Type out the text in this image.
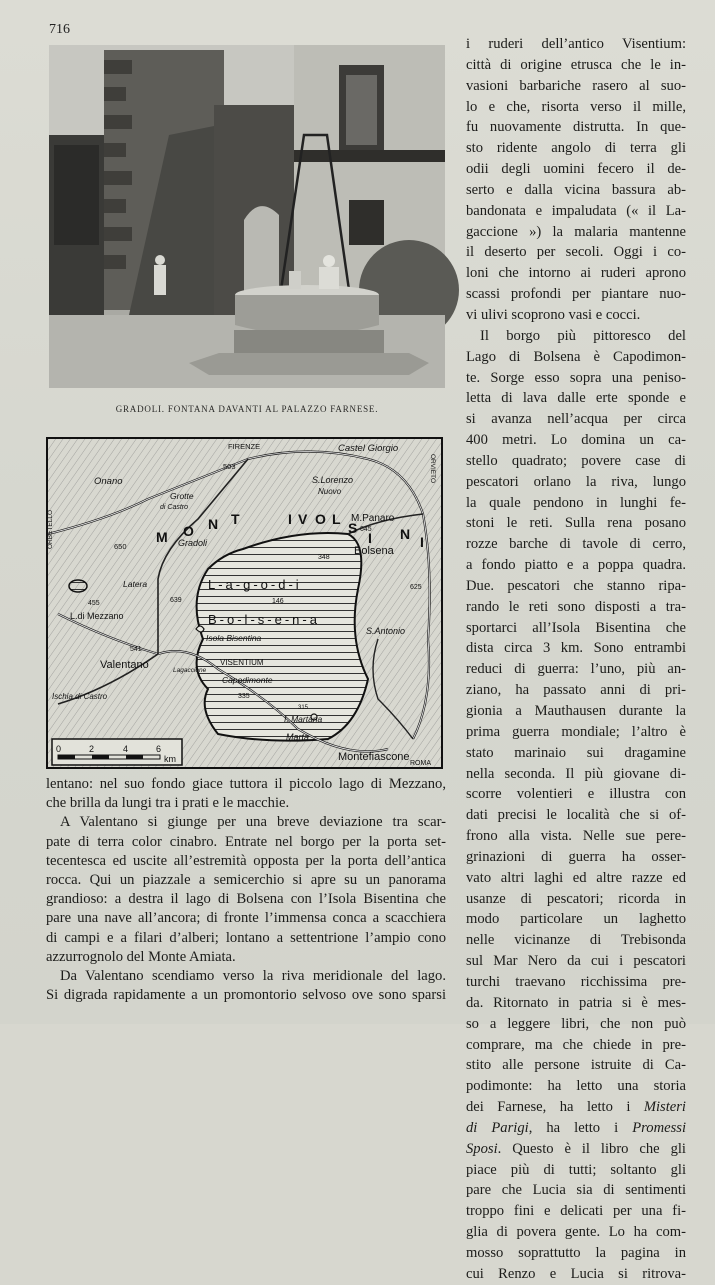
716
GRADOLI. FONTANA DAVANTI AL PALAZZO FARNESE.
FIRENZE	Castel Giorgio
ORVIETO
Onano
Grotte
di Castro
S.Lorenzo
Nuovo
M.Panaro
645
Bolsena
503
M O N T	I V O L
S
I N I
Gradoli
650
Latera
ORBETELLO
639
455
L.di Mezzano
L-a-g-o-d-i
146
B-o-l-s-e-n-a
Isola Bisentina
VISENTIUM
Capodimonte
335
I. Martana
S.Antonio
625
348
Valentano
541
Lagaccione
Ischia di Castro
Marta
315
Montefiascone
ROMA
0	2	4	6
km
i ruderi dell’antico Visentium:
città di origine etrusca che le in-
vasioni barbariche rasero al suo-
lo e che, risorta verso il mille,
fu nuovamente distrutta. In que-
sto ridente angolo di terra gli
odii degli uomini fecero il de-
serto e dalla vicina bassura ab-
bandonata e impaludata (« il La-
gaccione ») la malaria mantenne
il deserto per secoli. Oggi i co-
loni che intorno ai ruderi aprono
scassi profondi per piantare nuo-
vi ulivi scoprono vasi e cocci.
Il borgo più pittoresco del
Lago di Bolsena è Capodimon-
te. Sorge esso sopra una peniso-
letta di lava dalle erte sponde e
si avanza nell’acqua per circa
400 metri. Lo domina un ca-
stello quadrato; povere case di
pescatori orlano la riva, lungo
la quale pendono in lunghi fe-
stoni le reti. Sulla rena posano
rozze barche di tavole di cerro,
a fondo piatto e a poppa quadra.
Due. pescatori che stanno ripa-
rando le reti sono disposti a tra-
sportarci all’Isola Bisentina che
dista circa 3 km. Sono entrambi
reduci di guerra: l’uno, più an-
ziano, ha passato anni di pri-
gionia a Mauthausen durante la
prima guerra mondiale; l’altro è
stato marinaio sui dragamine
nella seconda. Il più giovane di-
scorre volentieri e illustra con
dati precisi le località che si of-
frono alla vista. Nelle sue pere-
grinazioni di guerra ha osser-
vato altri laghi ed altre razze ed
usanze di pescatori; ricorda in
modo particolare un laghetto
nelle vicinanze di Trebisonda
sul Mar Nero da cui i pescatori
turchi traevano ricchissima pre-
da. Ritornato in patria si è mes-
so a leggere libri, che non può
comprare, ma che chiede in pre-
stito alle persone istruite di Ca-
podimonte: ha letto una storia
dei Farnese, ha letto i Misteri
di Parigi, ha letto i Promessi
Sposi. Questo è il libro che gli
piace più di tutti; soltanto gli
pare che Lucia sia di sentimenti
troppo fini e delicati per una fi-
glia di povera gente. Lo ha com-
mosso soprattutto la pagina in
cui Renzo e Lucia si ritrova-
lentano: nel suo fondo giace tuttora il piccolo lago di Mezzano,
che brilla da lungi tra i prati e le macchie.
A Valentano si giunge per una breve deviazione tra scar-
pate di terra color cinabro. Entrate nel borgo per la porta set-
tecentesca ed uscite all’estremità opposta per la porta dell’antica
rocca. Qui un piazzale a semicerchio si apre su un panorama
grandioso: a destra il lago di Bolsena con l’Isola Bisentina che
pare una nave all’ancora; di fronte l’immensa conca a scacchiera
di campi e a filari d’alberi; lontano a settentrione l’ampio cono
azzurrognolo del Monte Amiata.
Da Valentano scendiamo verso la riva meridionale del lago.
Si digrada rapidamente a un promontorio selvoso ove sono sparsi
